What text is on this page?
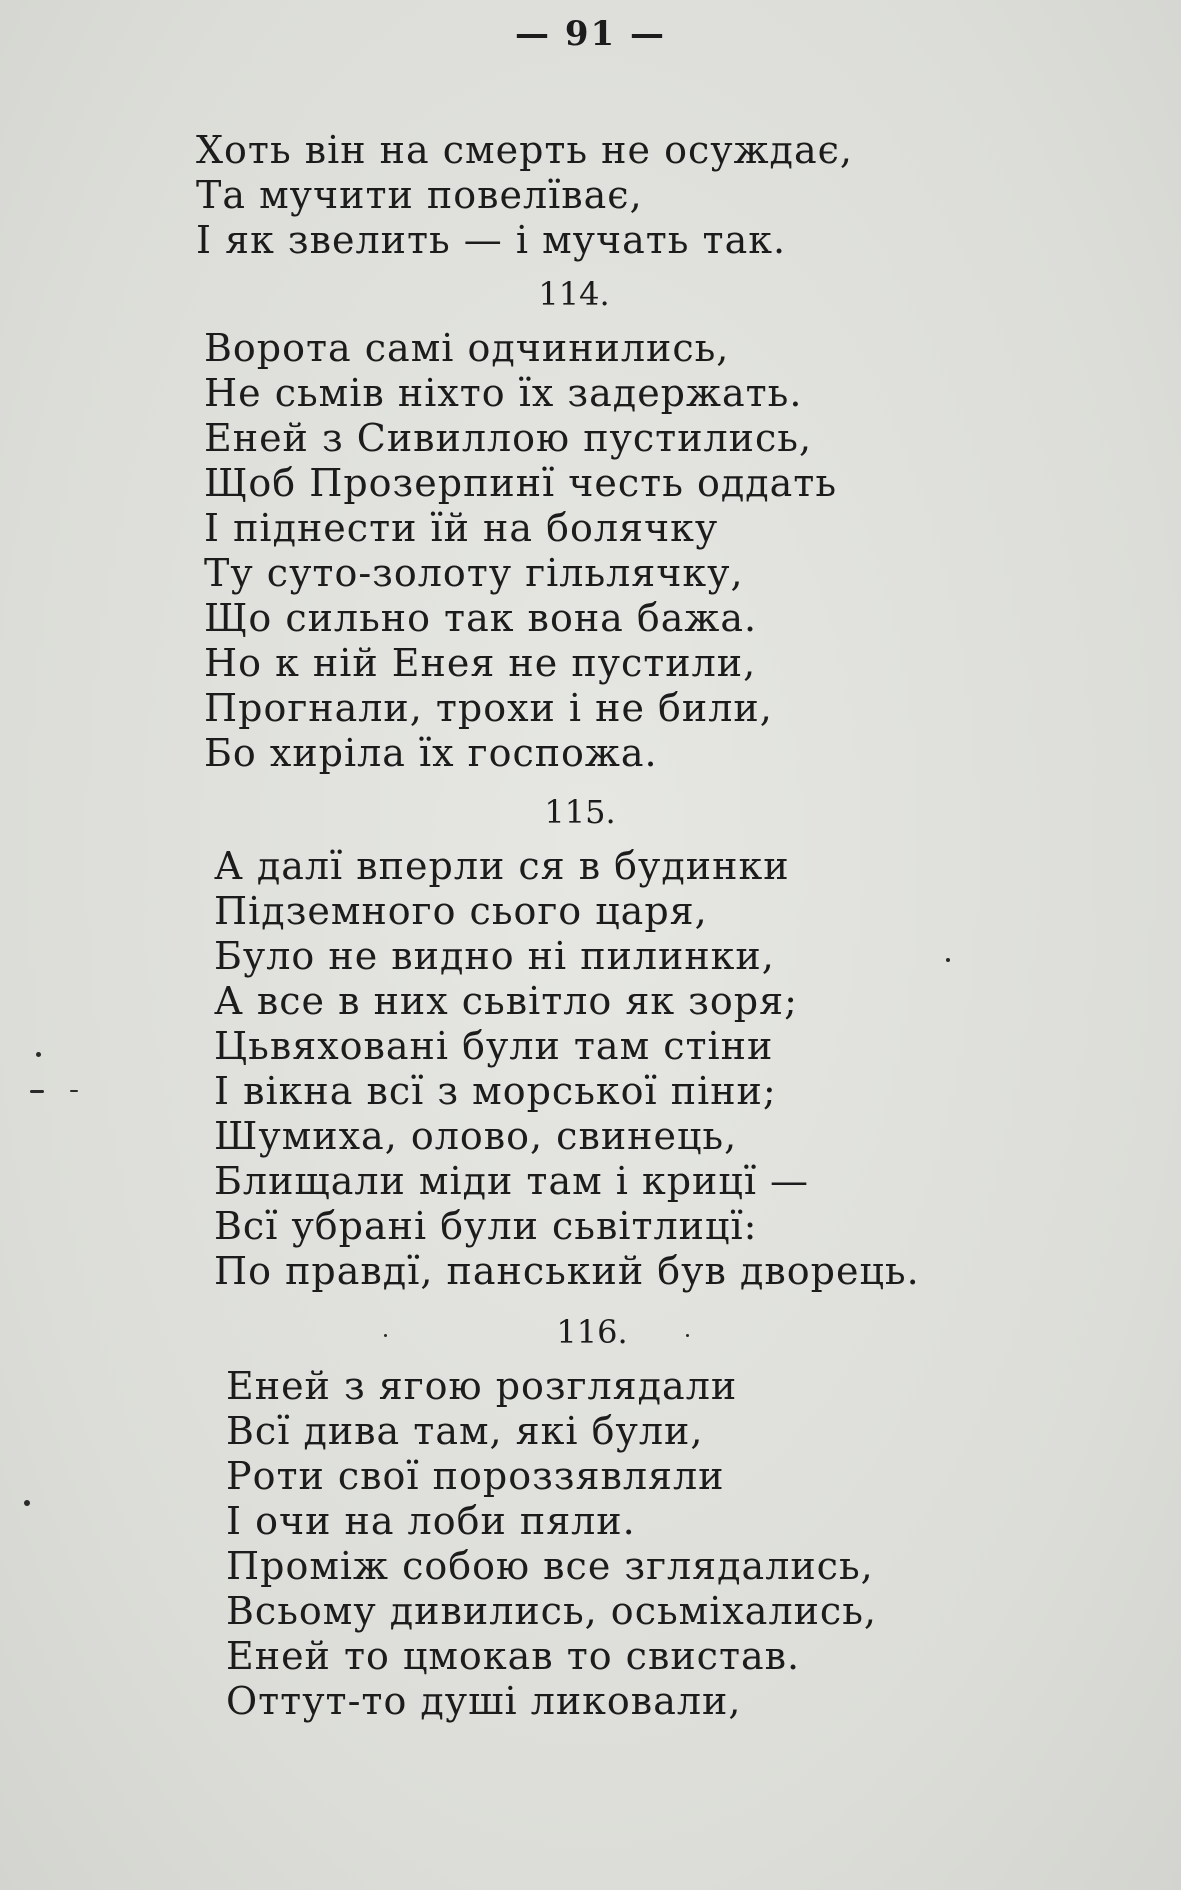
— 91 —
Хоть він на смерть не осуждає,
Та мучити повелїває,
І як звелить — і мучать так.
114.
Ворота самі одчинились,
Не сьмів ніхто їх задержать.
Еней з Сивиллою пустились,
Щоб Прозерпинї честь оддать
І піднести їй на болячку
Ту суто-золоту гільлячку,
Що сильно так вона бажа.
Но к ній Енея не пустили,
Прогнали, трохи і не били,
Бо хиріла їх госпожа.
115.
А далї вперли ся в будинки
Підземного сього царя,
Було не видно ні пилинки,
А все в них сьвітло як зоря;
Цьвяховані були там стіни
І вікна всї з морської піни;
Шумиха, олово, свинець,
Блищали міди там і крицї —
Всї убрані були сьвітлицї:
По правдї, панський був дворець.
116.
Еней з ягою розглядали
Всї дива там, які були,
Роти свої пороззявляли
І очи на лоби пяли.
Проміж собою все зглядались,
Всьому дивились, осьміхались,
Еней то цмокав то свистав.
Оттут-то душі ликовали,
